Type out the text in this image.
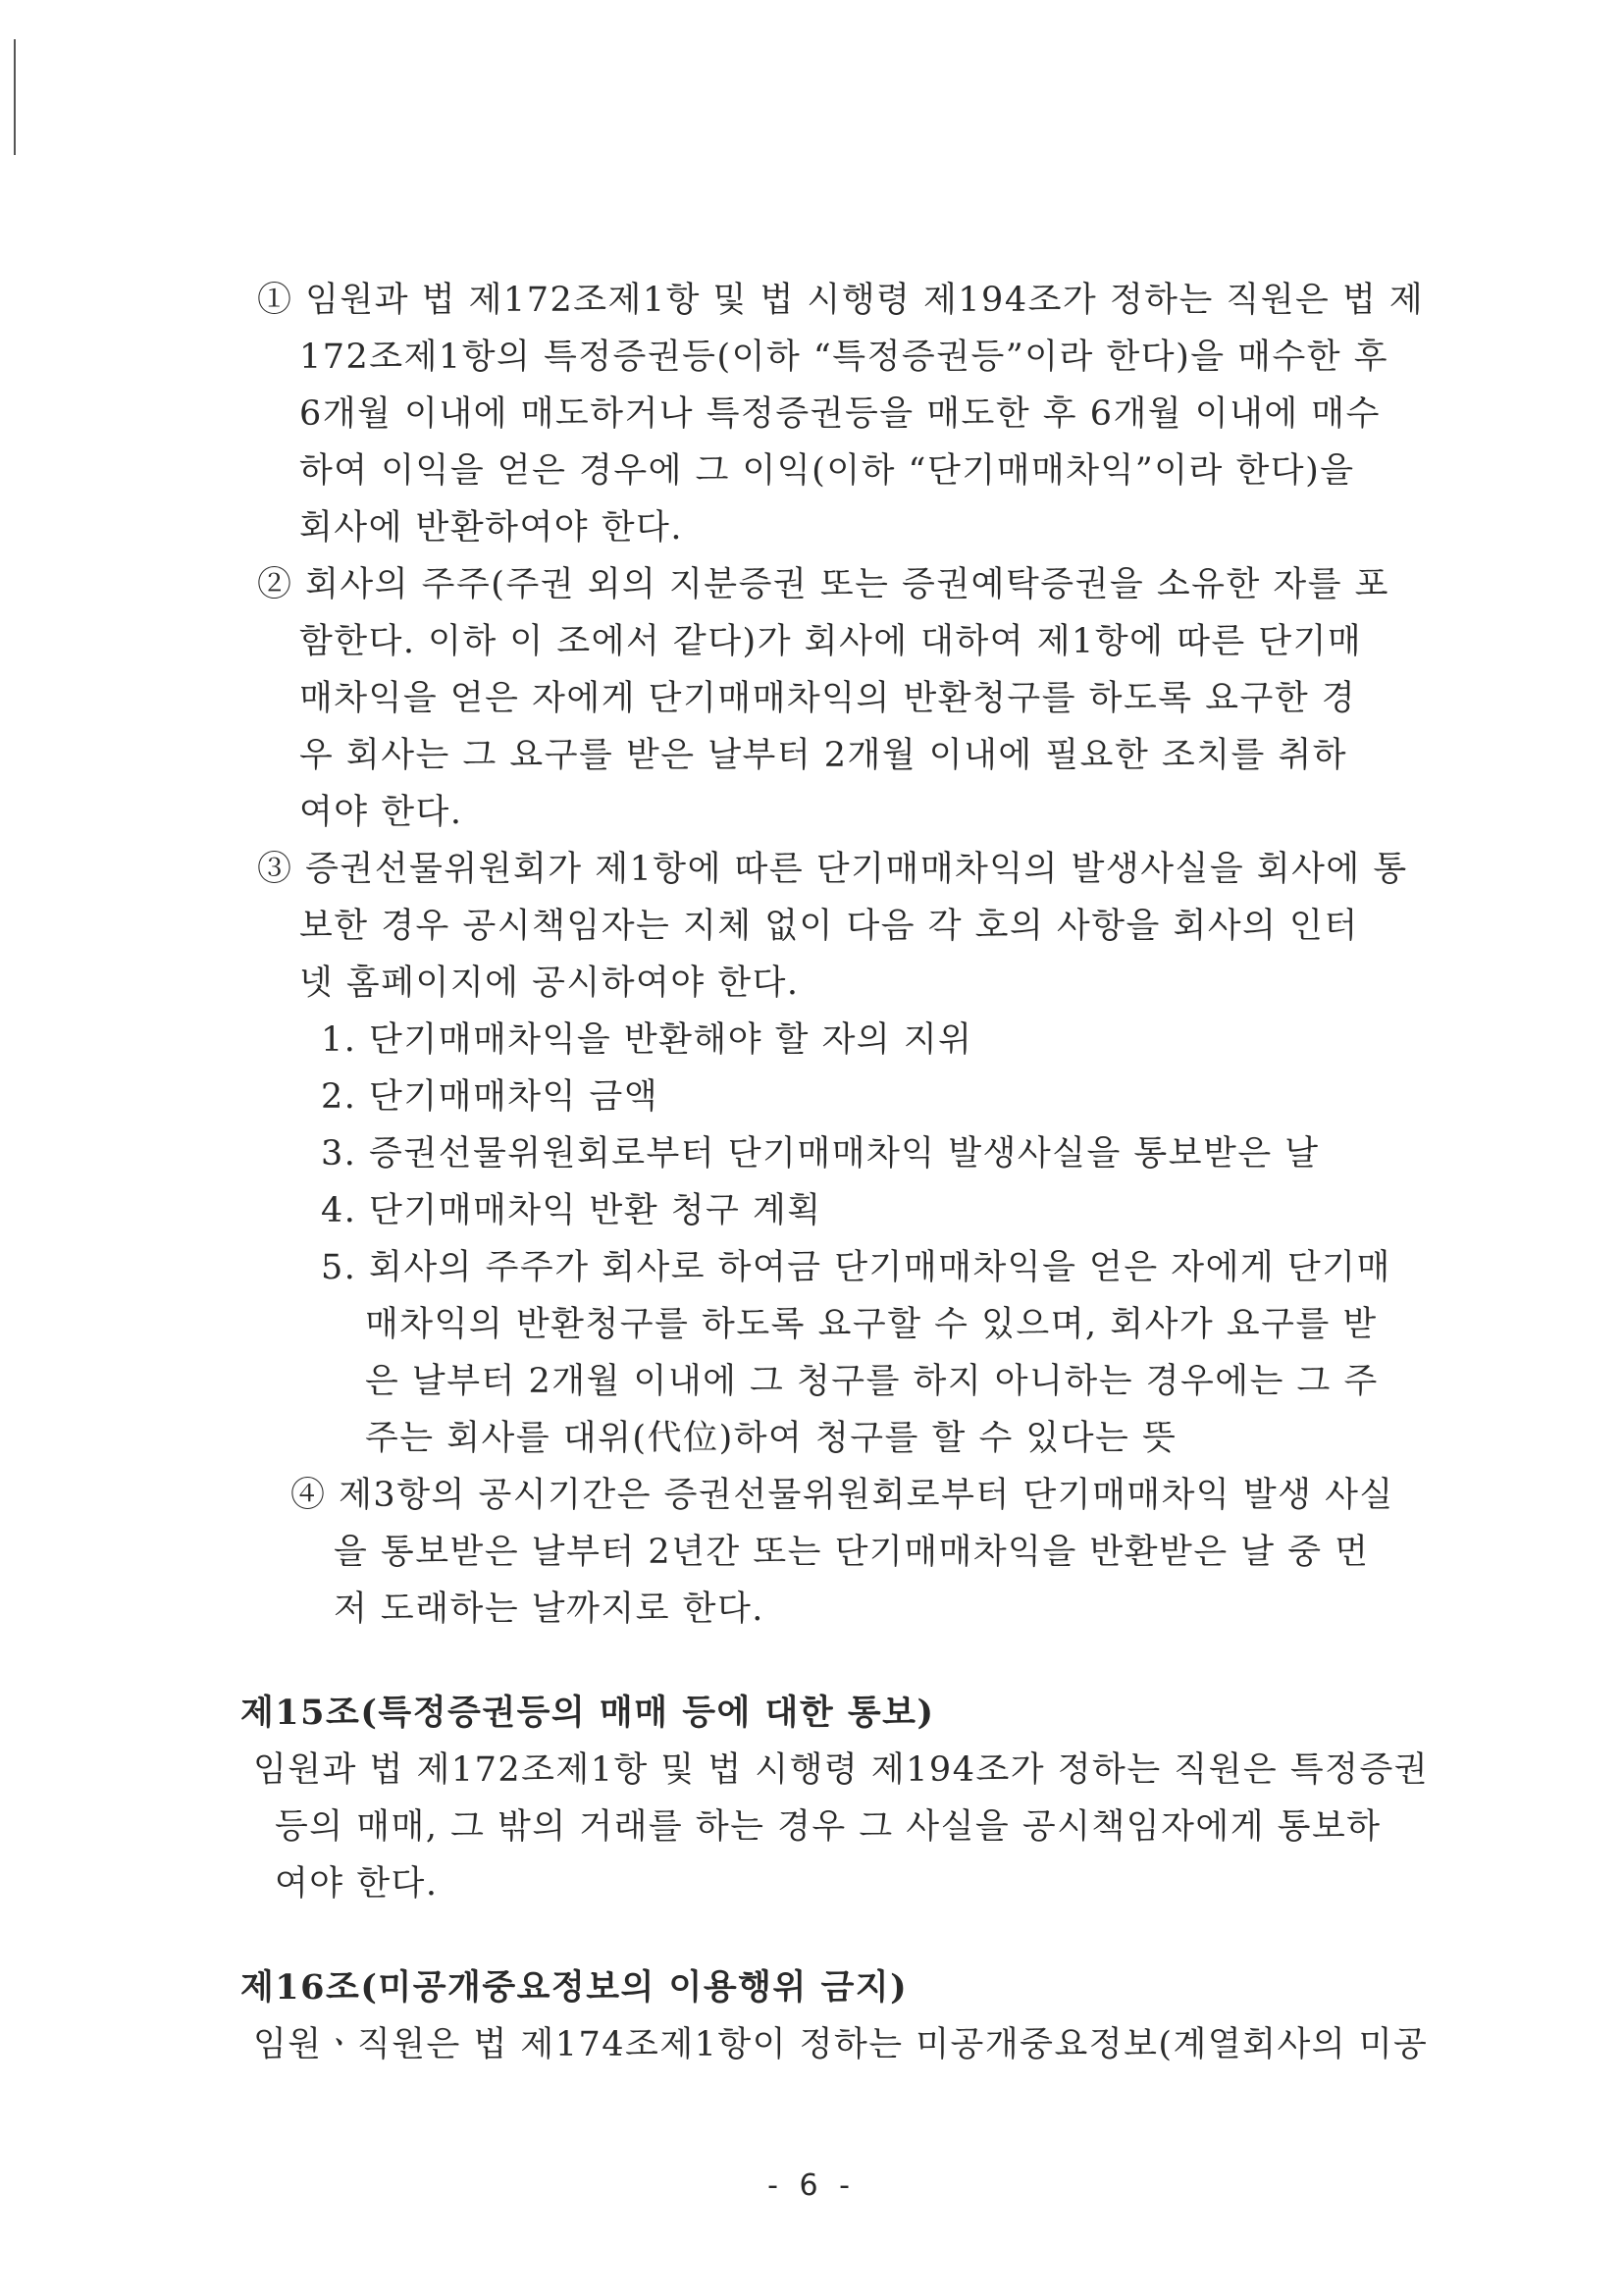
① 임원과 법 제172조제1항 및 법 시행령 제194조가 정하는 직원은 법 제
172조제1항의 특정증권등(이하 “특정증권등”이라 한다)을 매수한 후
6개월 이내에 매도하거나 특정증권등을 매도한 후 6개월 이내에 매수
하여 이익을 얻은 경우에 그 이익(이하 “단기매매차익”이라 한다)을
회사에 반환하여야 한다.
② 회사의 주주(주권 외의 지분증권 또는 증권예탁증권을 소유한 자를 포
함한다. 이하 이 조에서 같다)가 회사에 대하여 제1항에 따른 단기매
매차익을 얻은 자에게 단기매매차익의 반환청구를 하도록 요구한 경
우 회사는 그 요구를 받은 날부터 2개월 이내에 필요한 조치를 취하
여야 한다.
③ 증권선물위원회가 제1항에 따른 단기매매차익의 발생사실을 회사에 통
보한 경우 공시책임자는 지체 없이 다음 각 호의 사항을 회사의 인터
넷 홈페이지에 공시하여야 한다.
1. 단기매매차익을 반환해야 할 자의 지위
2. 단기매매차익 금액
3. 증권선물위원회로부터 단기매매차익 발생사실을 통보받은 날
4. 단기매매차익 반환 청구 계획
5. 회사의 주주가 회사로 하여금 단기매매차익을 얻은 자에게 단기매
매차익의 반환청구를 하도록 요구할 수 있으며, 회사가 요구를 받
은 날부터 2개월 이내에 그 청구를 하지 아니하는 경우에는 그 주
주는 회사를 대위(代位)하여 청구를 할 수 있다는 뜻
④ 제3항의 공시기간은 증권선물위원회로부터 단기매매차익 발생 사실
을 통보받은 날부터 2년간 또는 단기매매차익을 반환받은 날 중 먼
저 도래하는 날까지로 한다.
제15조(특정증권등의 매매 등에 대한 통보)
임원과 법 제172조제1항 및 법 시행령 제194조가 정하는 직원은 특정증권
등의 매매, 그 밖의 거래를 하는 경우 그 사실을 공시책임자에게 통보하
여야 한다.
제16조(미공개중요정보의 이용행위 금지)
임원ㆍ직원은 법 제174조제1항이 정하는 미공개중요정보(계열회사의 미공
- 6 -
